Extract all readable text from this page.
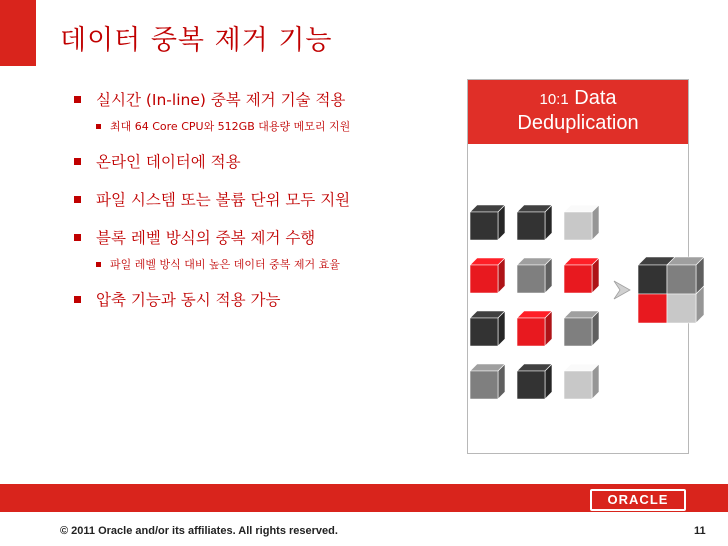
데이터 중복 제거 기능
실시간 (In-line) 중복 제거 기술 적용
최대 64 Core CPU와 512GB 대용량 메모리 지원
온라인 데이터에 적용
파일 시스템 또는 볼륨 단위 모두 지원
블록 레벨 방식의 중복 제거 수행
파일 레벨 방식 대비 높은 데이터 중복 제거 효율
압축 기능과 동시 적용 가능
10:1 Data
Deduplication
ORACLE
© 2011 Oracle and/or its affiliates. All rights reserved.	11
